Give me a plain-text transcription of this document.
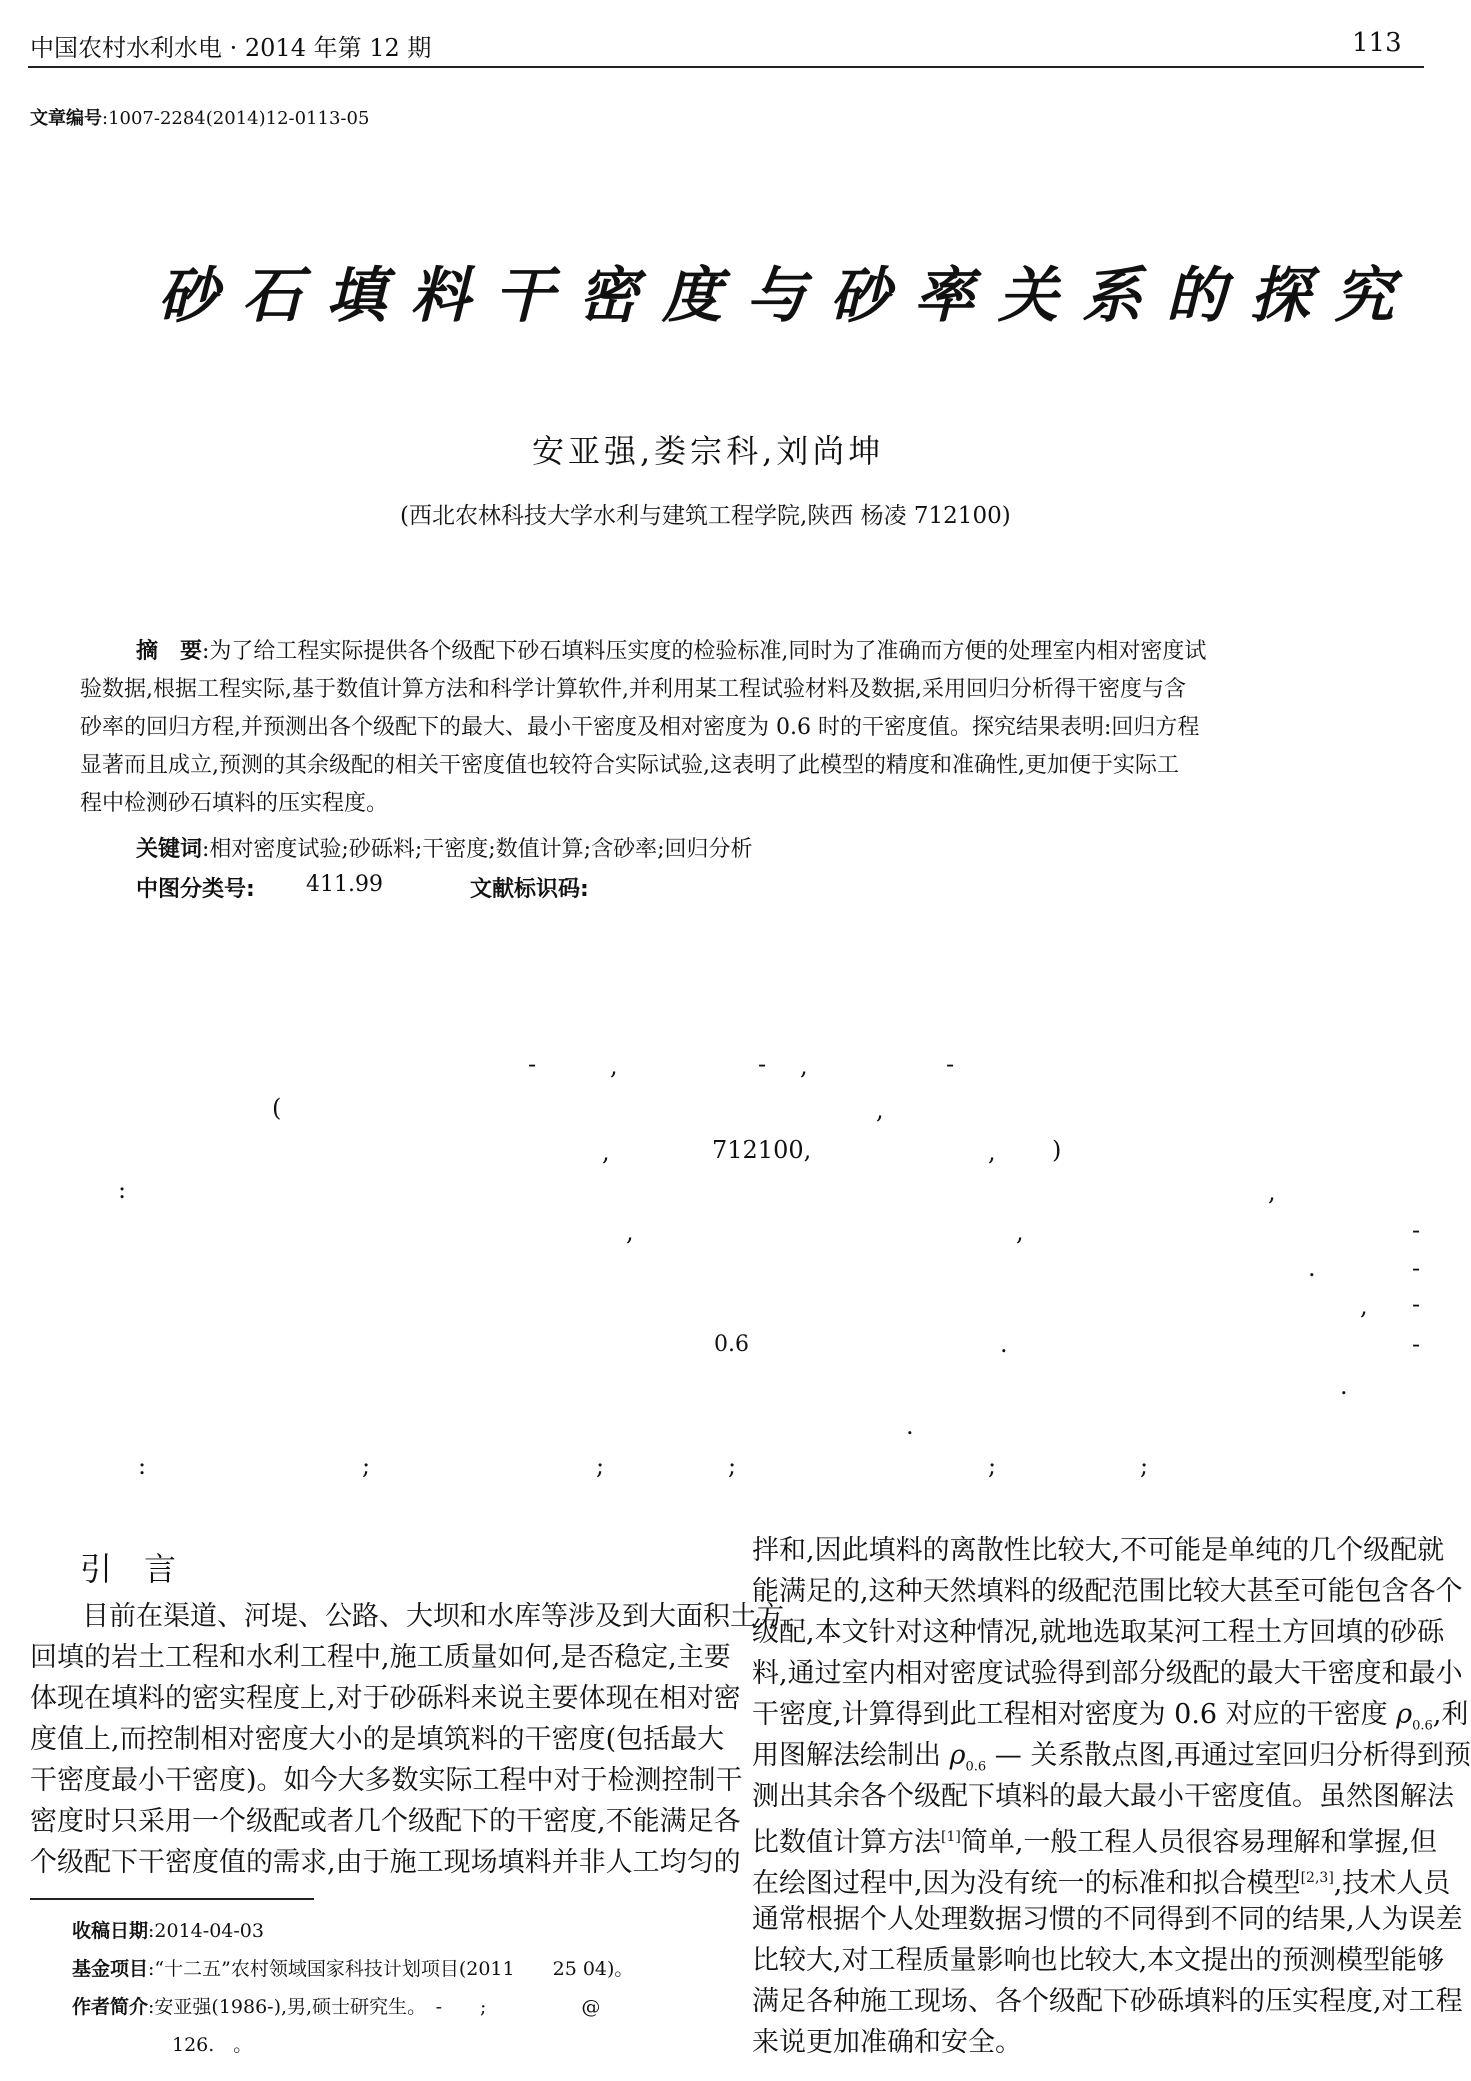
中国农村水利水电 · 2014 年第 12 期	113
文章编号:1007-2284(2014)12-0113-05
砂石填料干密度与砂率关系的探究
安亚强,娄宗科,刘尚坤
(西北农林科技大学水利与建筑工程学院,陕西 杨凌 712100)
摘　要:为了给工程实际提供各个级配下砂石填料压实度的检验标准,同时为了准确而方便的处理室内相对密度试
验数据,根据工程实际,基于数值计算方法和科学计算软件,并利用某工程试验材料及数据,采用回归分析得干密度与含
砂率的回归方程,并预测出各个级配下的最大、最小干密度及相对密度为 0.6 时的干密度值。探究结果表明:回归方程
显著而且成立,预测的其余级配的相关干密度值也较符合实际试验,这表明了此模型的精度和准确性,更加便于实际工
程中检测砂石填料的压实程度。
关键词:相对密度试验;砂砾料;干密度;数值计算;含砂率;回归分析
中图分类号: 411.99	文献标识码:
-	,	- ,	-
(	,
,	712100,	, )
:	,
,	,	-
.	-
, -
0.6	.	-
.
.
:	;	;	;	;	;
引　言
目前在渠道、河堤、公路、大坝和水库等涉及到大面积土方
回填的岩土工程和水利工程中,施工质量如何,是否稳定,主要
体现在填料的密实程度上,对于砂砾料来说主要体现在相对密
度值上,而控制相对密度大小的是填筑料的干密度(包括最大
干密度最小干密度)。如今大多数实际工程中对于检测控制干
密度时只采用一个级配或者几个级配下的干密度,不能满足各
个级配下干密度值的需求,由于施工现场填料并非人工均匀的
拌和,因此填料的离散性比较大,不可能是单纯的几个级配就
能满足的,这种天然填料的级配范围比较大甚至可能包含各个
级配,本文针对这种情况,就地选取某河工程土方回填的砂砾
料,通过室内相对密度试验得到部分级配的最大干密度和最小
干密度,计算得到此工程相对密度为 0.6 对应的干密度 $\rho_{0.6}$,利
用图解法绘制出 $\rho_{0.6}$ — 关系散点图,再通过室回归分析得到预
测出其余各个级配下填料的最大最小干密度值。虽然图解法
比数值计算方法[1]简单,一般工程人员很容易理解和掌握,但
在绘图过程中,因为没有统一的标准和拟合模型[2,3],技术人员
通常根据个人处理数据习惯的不同得到不同的结果,人为误差
比较大,对工程质量影响也比较大,本文提出的预测模型能够
满足各种施工现场、各个级配下砂砾填料的压实程度,对工程
来说更加准确和安全。
收稿日期:2014-04-03
基金项目:“十二五”农村领域国家科技计划项目(2011　　25 04)。
作者简介:安亚强(1986-),男,硕士研究生。　-　　;　　　　　@
126.　。
